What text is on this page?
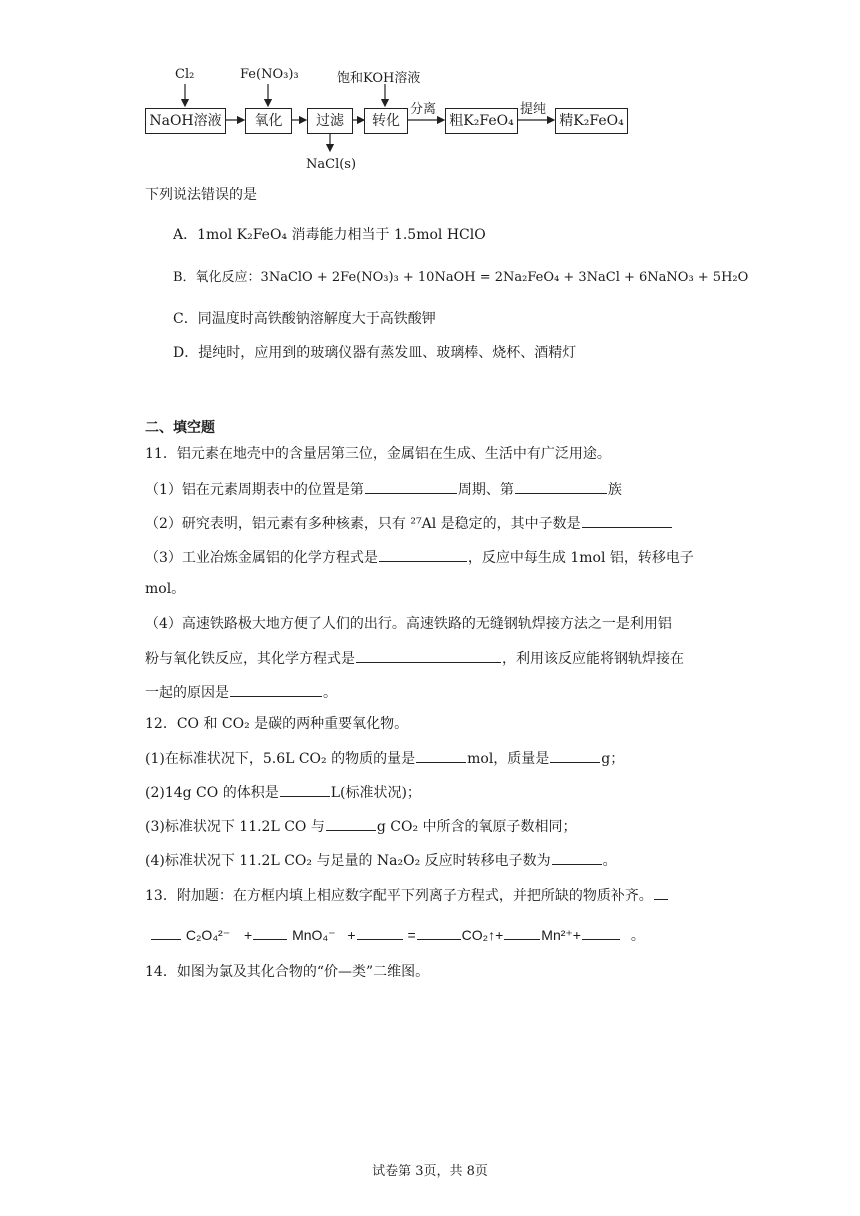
Cl₂	Fe(NO₃)₃	饱和KOH溶液
NaOH溶液	氧化	过滤	转化	粗K₂FeO₄	精K₂FeO₄
分离	提纯
NaCl(s)
下列说法错误的是
A．1mol K₂FeO₄ 消毒能力相当于 1.5mol HClO
B．氧化反应：3NaClO + 2Fe(NO₃)₃ + 10NaOH = 2Na₂FeO₄ + 3NaCl + 6NaNO₃ + 5H₂O
C．同温度时高铁酸钠溶解度大于高铁酸钾
D．提纯时，应用到的玻璃仪器有蒸发皿、玻璃棒、烧杯、酒精灯
二、填空题
11．铝元素在地壳中的含量居第三位，金属铝在生成、生活中有广泛用途。
（1）铝在元素周期表中的位置是第	周期、第	族
（2）研究表明，铝元素有多种核素，只有 ²⁷Al 是稳定的，其中子数是
（3）工业冶炼金属铝的化学方程式是	，反应中每生成 1mol 铝，转移电子
mol。
（4）高速铁路极大地方便了人们的出行。高速铁路的无缝钢轨焊接方法之一是利用铝
粉与氧化铁反应，其化学方程式是	，利用该反应能将钢轨焊接在
一起的原因是	。
12．CO 和 CO₂ 是碳的两种重要氧化物。
(1)在标准状况下，5.6L CO₂ 的物质的量是	mol，质量是	g；
(2)14g CO 的体积是	L(标准状况)；
(3)标准状况下 11.2L CO 与	g CO₂ 中所含的氧原子数相同；
(4)标准状况下 11.2L CO₂ 与足量的 Na₂O₂ 反应时转移电子数为	。
13．附加题：在方框内填上相应数字配平下列离子方程式，并把所缺的物质补齐。
C₂O₄²⁻ +	MnO₄⁻ +	=	CO₂↑+	Mn²⁺+	。
14．如图为氯及其化合物的“价—类”二维图。
试卷第 3页，共 8页
